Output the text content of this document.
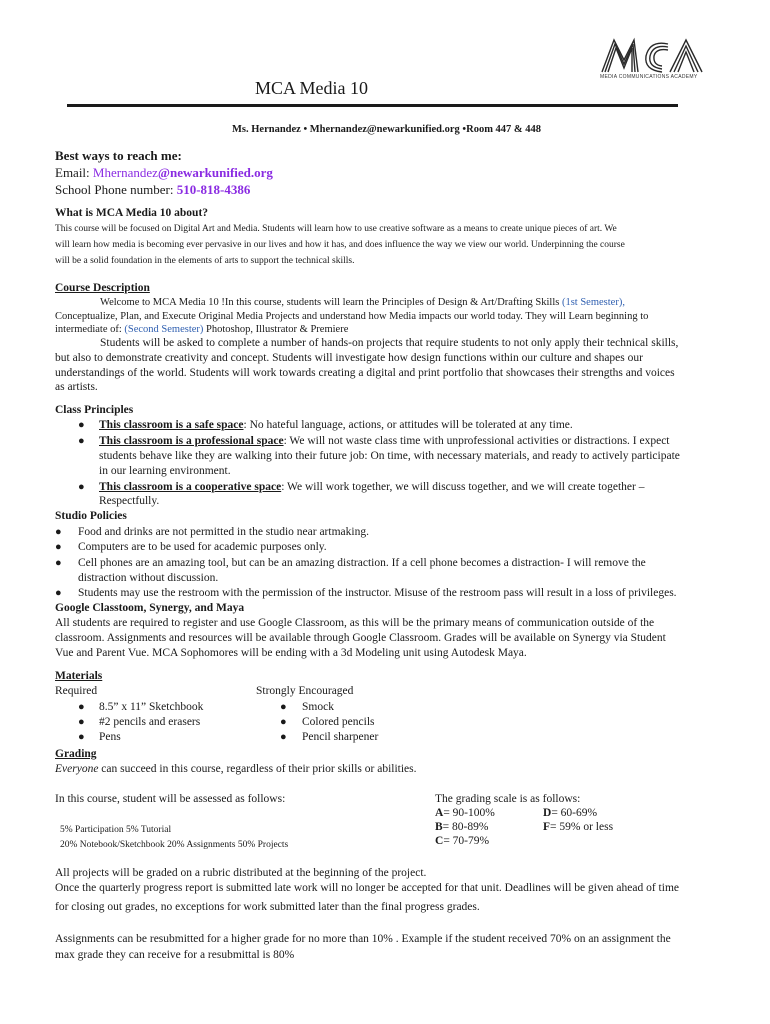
MEDIA COMMUNICATIONS ACADEMY
MCA Media 10
Ms. Hernandez • Mhernandez@newarkunified.org •Room 447 & 448
Best ways to reach me:
Email: Mhernandez@newarkunified.org
School Phone number: 510-818-4386
What is MCA Media 10 about?
This course will be focused on Digital Art and Media. Students will learn how to use creative software as a means to create unique pieces of art. We
will learn how media is becoming ever pervasive in our lives and how it has, and does influence the way we view our world. Underpinning the course
will be a solid foundation in the elements of arts to support the technical skills.
Course Description
Welcome to MCA Media 10 !In this course, students will learn the Principles of Design & Art/Drafting Skills (1st Semester),
Conceptualize, Plan, and Execute Original Media Projects and understand how Media impacts our world today. They will Learn beginning to
intermediate of: (Second Semester) Photoshop, Illustrator & Premiere
Students will be asked to complete a number of hands-on projects that require students to not only apply their technical skills,
but also to demonstrate creativity and concept. Students will investigate how design functions within our culture and shapes our
understandings of the world. Students will work towards creating a digital and print portfolio that showcases their strengths and voices
as artists.
Class Principles
● This classroom is a safe space: No hateful language, actions, or attitudes will be tolerated at any time.
● This classroom is a professional space: We will not waste class time with unprofessional activities or distractions. I expect
students behave like they are walking into their future job: On time, with necessary materials, and ready to actively participate
in our learning environment.
● This classroom is a cooperative space: We will work together, we will discuss together, and we will create together –
Respectfully.
Studio Policies
● Food and drinks are not permitted in the studio near artmaking.
● Computers are to be used for academic purposes only.
● Cell phones are an amazing tool, but can be an amazing distraction. If a cell phone becomes a distraction- I will remove the
distraction without discussion.
● Students may use the restroom with the permission of the instructor. Misuse of the restroom pass will result in a loss of privileges.
Google Classtoom, Synergy, and Maya
All students are required to register and use Google Classroom, as this will be the primary means of communication outside of the
classroom. Assignments and resources will be available through Google Classroom. Grades will be available on Synergy via Student
Vue and Parent Vue. MCA Sophomores will be ending with a 3d Modeling unit using Autodesk Maya.
Materials
Required
● 8.5” x 11” Sketchbook
● #2 pencils and erasers
● Pens
Strongly Encouraged
● Smock
● Colored pencils
● Pencil sharpener
Grading
Everyone can succeed in this course, regardless of their prior skills or abilities.
In this course, student will be assessed as follows:
5% Participation 5% Tutorial
20% Notebook/Sketchbook 20% Assignments 50% Projects
The grading scale is as follows:
A= 90-100%
B= 80-89%
C= 70-79%
D= 60-69%
F= 59% or less
All projects will be graded on a rubric distributed at the beginning of the project.
Once the quarterly progress report is submitted late work will no longer be accepted for that unit. Deadlines will be given ahead of time
for closing out grades, no exceptions for work submitted later than the final progress grades.
Assignments can be resubmitted for a higher grade for no more than 10% . Example if the student received 70% on an assignment the
max grade they can receive for a resubmittal is 80%
